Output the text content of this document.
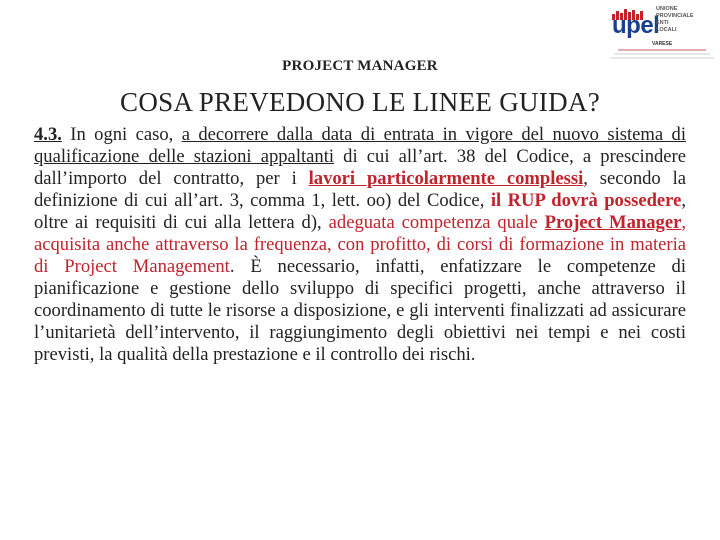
PROJECT MANAGER
upel
UNIONE
PROVINCIALE
ENTI
LOCALI
VARESE
COSA PREVEDONO LE LINEE GUIDA?
4.3. In ogni caso, a decorrere dalla data di entrata in vigore del nuovo sistema di qualificazione delle stazioni appaltanti di cui all’art. 38 del Codice, a prescindere dall’importo del contratto, per i lavori particolarmente complessi, secondo la definizione di cui all’art. 3, comma 1, lett. oo) del Codice, il RUP dovrà possedere, oltre ai requisiti di cui alla lettera d), adeguata competenza quale Project Manager, acquisita anche attraverso la frequenza, con profitto, di corsi di formazione in materia di Project Management. È necessario, infatti, enfatizzare le competenze di pianificazione e gestione dello sviluppo di specifici progetti, anche attraverso il coordinamento di tutte le risorse a disposizione, e gli interventi finalizzati ad assicurare l’unitarietà dell’intervento, il raggiungimento degli obiettivi nei tempi e nei costi previsti, la qualità della prestazione e il controllo dei rischi.
